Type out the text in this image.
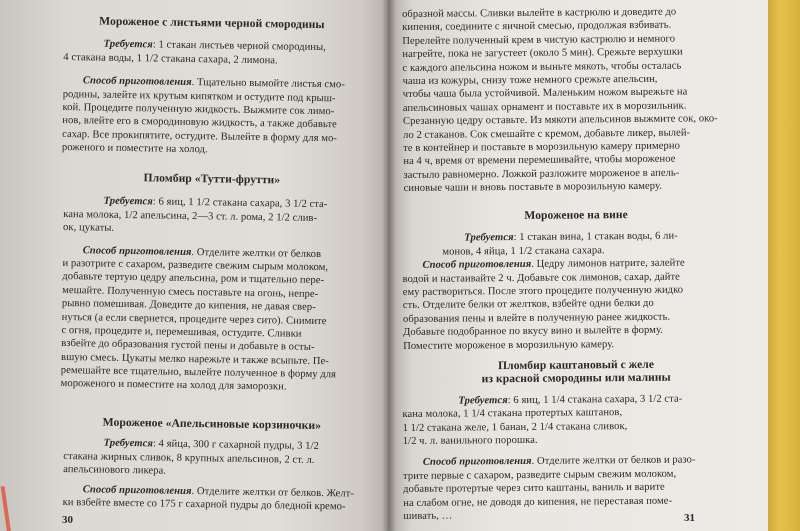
Мороженое с листьями черной смородины
Требуется: 1 стакан листьев черной смородины,
4 стакана воды, 1 1/2 стакана сахара, 2 лимона.
Способ приготовления. Тщательно вымойте листья смо-
родины, залейте их крутым кипятком и остудите под крыш-
кой. Процедите полученную жидкость. Выжмите сок лимо-
нов, влейте его в смородиновую жидкость, а также добавьте
сахар. Все прокипятите, остудите. Вылейте в форму для мо-
роженого и поместите на холод.
Пломбир «Тутти-фрутти»
Требуется: 6 яиц, 1 1/2 стакана сахара, 3 1/2 ста-
кана молока, 1/2 апельсина, 2—3 ст. л. рома, 2 1/2 слив-
ок, цукаты.
Способ приготовления. Отделите желтки от белков
и разотрите с сахаром, разведите свежим сырым молоком,
добавьте тертую цедру апельсина, ром и тщательно пере-
мешайте. Полученную смесь поставьте на огонь, непре-
рывно помешивая. Доведите до кипения, не давая свер-
нуться (а если свернется, процедите через сито). Снимите
с огня, процедите и, перемешивая, остудите. Сливки
взбейте до образования густой пены и добавьте в осты-
вшую смесь. Цукаты мелко нарежьте и также всыпьте. Пе-
ремешайте все тщательно, вылейте полученное в форму для
мороженого и поместите на холод для заморозки.
Мороженое «Апельсиновые корзиночки»
Требуется: 4 яйца, 300 г сахарной пудры, 3 1/2
стакана жирных сливок, 8 крупных апельсинов, 2 ст. л.
апельсинового ликера.
Способ приготовления. Отделите желтки от белков. Желт-
ки взбейте вместе со 175 г сахарной пудры до бледной кремо-
30
образной массы. Сливки вылейте в кастрюлю и доведите до
кипения, соедините с яичной смесью, продолжая взбивать.
Перелейте полученный крем в чистую кастрюлю и немного
нагрейте, пока не загустеет (около 5 мин). Срежьте верхушки
с каждого апельсина ножом и выньте мякоть, чтобы осталась
чаша из кожуры, снизу тоже немного срежьте апельсин,
чтобы чаша была устойчивой. Маленьким ножом вырежьте на
апельсиновых чашах орнамент и поставьте их в морозильник.
Срезанную цедру оставьте. Из мякоти апельсинов выжмите сок, око-
ло 2 стаканов. Сок смешайте с кремом, добавьте ликер, вылей-
те в контейнер и поставьте в морозильную камеру примерно
на 4 ч, время от времени перемешивайте, чтобы мороженое
застыло равномерно. Ложкой разложите мороженое в апель-
синовые чаши и вновь поставьте в морозильную камеру.
Мороженое на вине
Требуется: 1 стакан вина, 1 стакан воды, 6 ли-
монов, 4 яйца, 1 1/2 стакана сахара.
Способ приготовления. Цедру лимонов натрите, залейте
водой и настаивайте 2 ч. Добавьте сок лимонов, сахар, дайте
ему раствориться. После этого процедите полученную жидко
сть. Отделите белки от желтков, взбейте одни белки до
образования пены и влейте в полученную ранее жидкость.
Добавьте подобранное по вкусу вино и вылейте в форму.
Поместите мороженое в морозильную камеру.
Пломбир каштановый с желе
из красной смородины или малины
Требуется: 6 яиц, 1 1/4 стакана сахара, 3 1/2 ста-
кана молока, 1 1/4 стакана протертых каштанов,
1 1/2 стакана желе, 1 банан, 2 1/4 стакана сливок,
1/2 ч. л. ванильного порошка.
Способ приготовления. Отделите желтки от белков и разо-
трите первые с сахаром, разведите сырым свежим молоком,
добавьте протертые через сито каштаны, ваниль и варите
на слабом огне, не доводя до кипения, не переставая поме-
шивать, …	31
